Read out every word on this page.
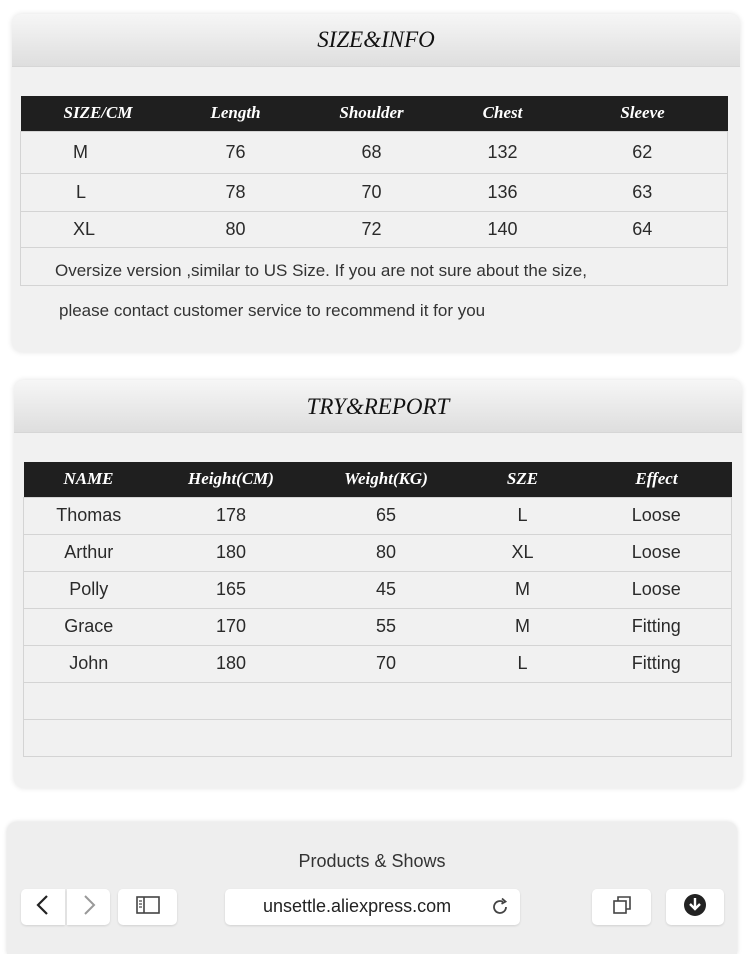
SIZE&INFO
SIZE/CM	Length	Shoulder	Chest	Sleeve
M	76	68	132	62
L	78	70	136	63
XL	80	72	140	64

Oversize version ,similar to US Size. If you are not sure about the size,
please contact customer service to recommend it for you
TRY&REPORT
NAME	Height(CM)	Weight(KG)	SZE	Effect
Thomas	178	65	L	Loose
Arthur	180	80	XL	Loose
Polly	165	45	M	Loose
Grace	170	55	M	Fitting
John	180	70	L	Fitting

Products & Shows
unsettle.aliexpress.com
